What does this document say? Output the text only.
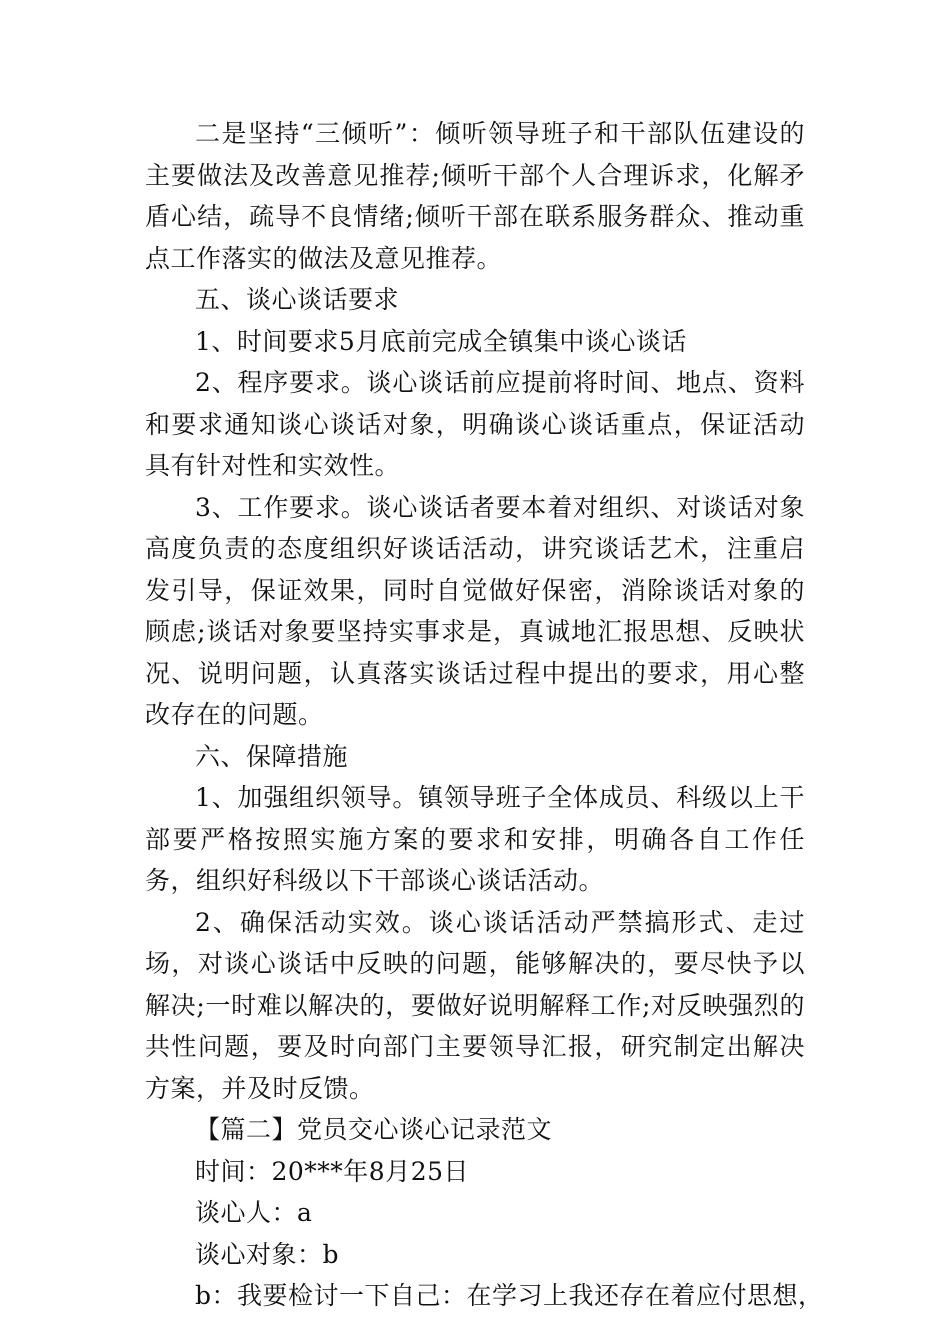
二是坚持“三倾听”：倾听领导班子和干部队伍建设的主要做法及改善意见推荐;倾听干部个人合理诉求，化解矛盾心结，疏导不良情绪;倾听干部在联系服务群众、推动重点工作落实的做法及意见推荐。

五、谈心谈话要求

1、时间要求5月底前完成全镇集中谈心谈话

2、程序要求。谈心谈话前应提前将时间、地点、资料和要求通知谈心谈话对象，明确谈心谈话重点，保证活动具有针对性和实效性。

3、工作要求。谈心谈话者要本着对组织、对谈话对象高度负责的态度组织好谈话活动，讲究谈话艺术，注重启发引导，保证效果，同时自觉做好保密，消除谈话对象的顾虑;谈话对象要坚持实事求是，真诚地汇报思想、反映状况、说明问题，认真落实谈话过程中提出的要求，用心整改存在的问题。

六、保障措施

1、加强组织领导。镇领导班子全体成员、科级以上干部要严格按照实施方案的要求和安排，明确各自工作任务，组织好科级以下干部谈心谈话活动。

2、确保活动实效。谈心谈话活动严禁搞形式、走过场，对谈心谈话中反映的问题，能够解决的，要尽快予以解决;一时难以解决的，要做好说明解释工作;对反映强烈的共性问题，要及时向部门主要领导汇报，研究制定出解决方案，并及时反馈。

【篇二】党员交心谈心记录范文

时间：20***年8月25日

谈心人：a

谈心对象：b

b：我要检讨一下自己：在学习上我还存在着应付思想，
